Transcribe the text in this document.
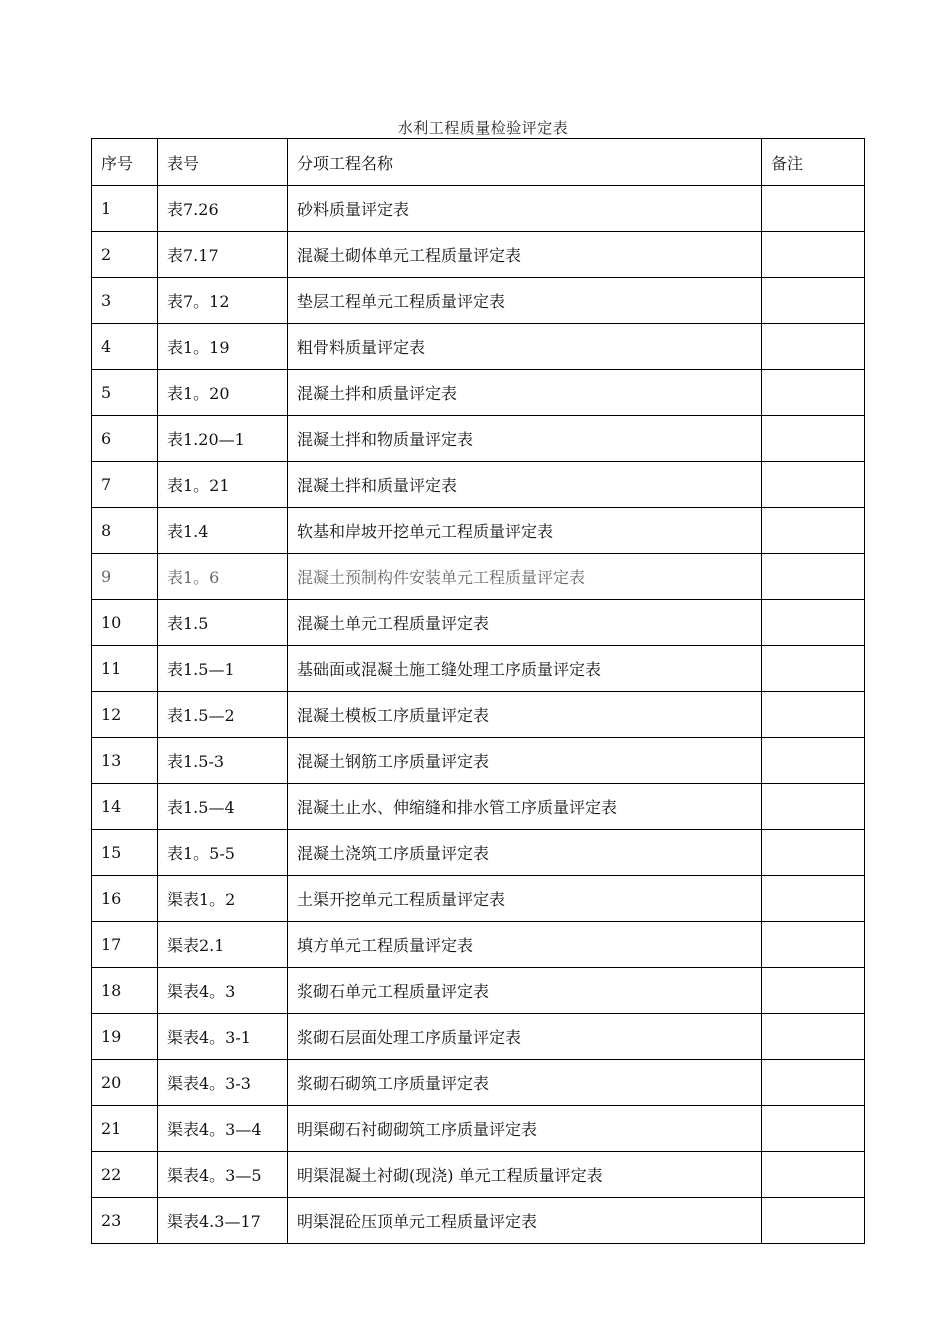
水利工程质量检验评定表
序号	表号	分项工程名称	备注
1	表7.26	砂料质量评定表	
2	表7.17	混凝土砌体单元工程质量评定表	
3	表7。12	垫层工程单元工程质量评定表	
4	表1。19	粗骨料质量评定表	
5	表1。20	混凝土拌和质量评定表	
6	表1.20—1	混凝土拌和物质量评定表	
7	表1。21	混凝土拌和质量评定表	
8	表1.4	软基和岸坡开挖单元工程质量评定表	
9	表1。6	混凝土预制构件安装单元工程质量评定表	
10	表1.5	混凝土单元工程质量评定表	
11	表1.5—1	基础面或混凝土施工缝处理工序质量评定表	
12	表1.5—2	混凝土模板工序质量评定表	
13	表1.5-3	混凝土钢筋工序质量评定表	
14	表1.5—4	混凝土止水、伸缩缝和排水管工序质量评定表	
15	表1。5-5	混凝土浇筑工序质量评定表	
16	渠表1。2	土渠开挖单元工程质量评定表	
17	渠表2.1	填方单元工程质量评定表	
18	渠表4。3	浆砌石单元工程质量评定表	
19	渠表4。3-1	浆砌石层面处理工序质量评定表	
20	渠表4。3-3	浆砌石砌筑工序质量评定表	
21	渠表4。3—4	明渠砌石衬砌砌筑工序质量评定表	
22	渠表4。3—5	明渠混凝土衬砌(现浇) 单元工程质量评定表	
23	渠表4.3—17	明渠混砼压顶单元工程质量评定表	
